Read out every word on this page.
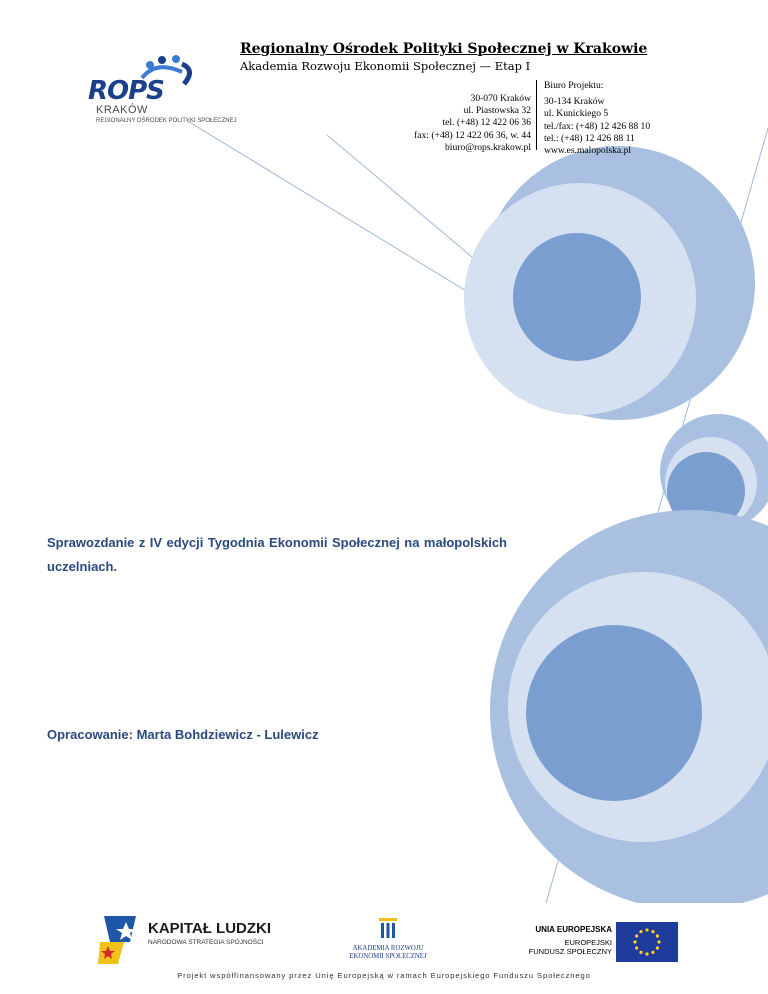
ROPS
KRAKÓW
REGIONALNY OŚRODEK POLITYKI SPOŁECZNEJ
Regionalny Ośrodek Polityki Społecznej w Krakowie
Akademia Rozwoju Ekonomii Społecznej — Etap I
30-070 Kraków
ul. Piastowska 32
tel. (+48) 12 422 06 36
fax: (+48) 12 422 06 36, w. 44
biuro@rops.krakow.pl
Biuro Projektu:
30-134 Kraków
ul. Kunickiego 5
tel./fax: (+48) 12 426 88 10
tel.: (+48) 12 426 88 11
www.es.malopolska.pl
Sprawozdanie z IV edycji Tygodnia Ekonomii Społecznej na małopolskich uczelniach.
Opracowanie: Marta Bohdziewicz - Lulewicz
KAPITAŁ LUDZKI
NARODOWA STRATEGIA SPÓJNOŚCI
AKADEMIA ROZWOJU
EKONOMII SPOŁECZNEJ
UNIA EUROPEJSKA
EUROPEJSKI
FUNDUSZ SPOŁECZNY
Projekt współfinansowany przez Unię Europejską w ramach Europejskiego Funduszu Społecznego
